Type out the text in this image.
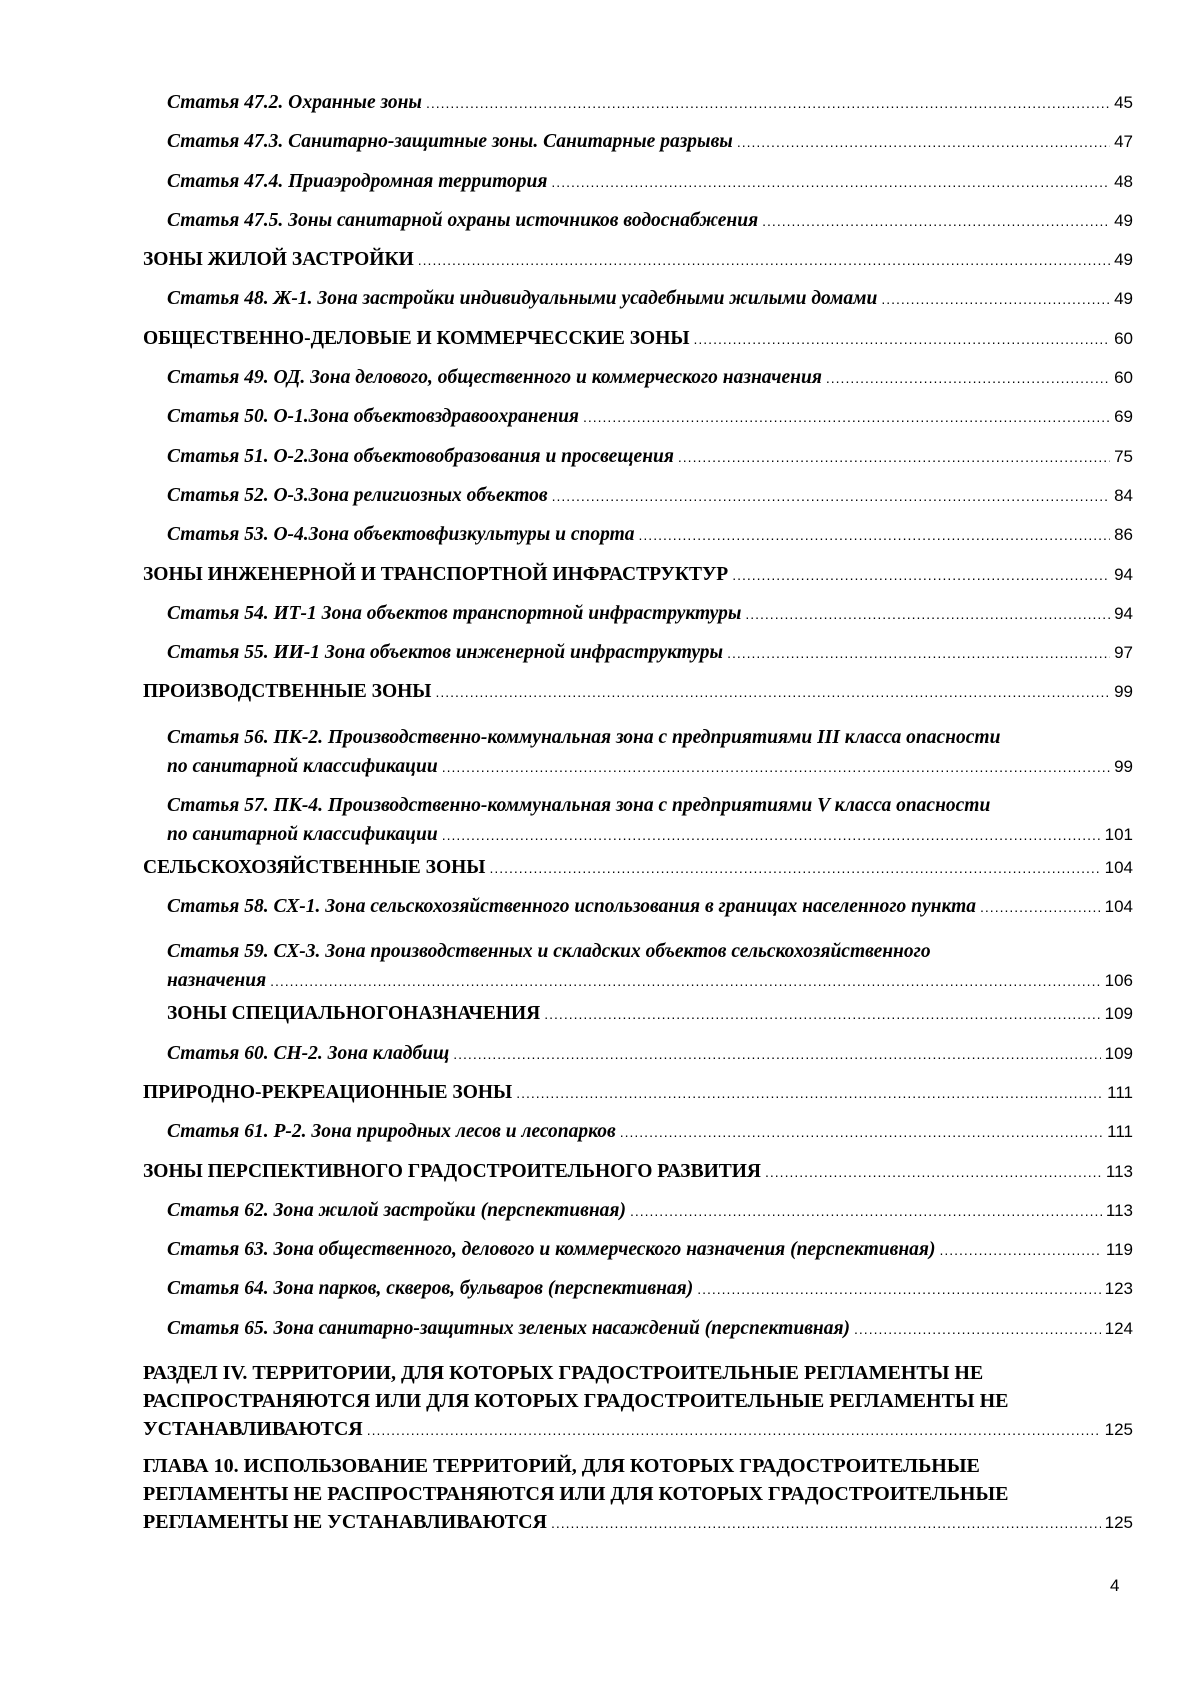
Статья 47.2. Охранные зоны .....	45
Статья 47.3. Санитарно-защитные зоны. Санитарные разрывы .....	47
Статья 47.4. Приаэродромная территория .....	48
Статья 47.5. Зоны санитарной охраны источников водоснабжения .....	49
ЗОНЫ ЖИЛОЙ ЗАСТРОЙКИ .....	49
Статья 48. Ж-1. Зона застройки индивидуальными усадебными жилыми домами .....	49
ОБЩЕСТВЕННО-ДЕЛОВЫЕ И КОММЕРЧЕССКИЕ ЗОНЫ .....	60
Статья 49. ОД. Зона делового, общественного и коммерческого назначения .....	60
Статья 50. О-1.Зона объектовздравоохранения .....	69
Статья 51. О-2.Зона объектовобразования и просвещения .....	75
Статья 52. О-3.Зона религиозных объектов .....	84
Статья 53. О-4.Зона объектовфизкультуры и спорта .....	86
ЗОНЫ ИНЖЕНЕРНОЙ И ТРАНСПОРТНОЙ ИНФРАСТРУКТУР .....	94
Статья 54. ИТ-1 Зона объектов транспортной инфраструктуры .....	94
Статья 55. ИИ-1 Зона объектов инженерной инфраструктуры .....	97
ПРОИЗВОДСТВЕННЫЕ ЗОНЫ .....	99
Статья 56. ПК-2. Производственно-коммунальная зона с предприятиями III класса опасности
по санитарной классификации .....	99
Статья 57. ПК-4. Производственно-коммунальная зона с предприятиями V класса опасности
по санитарной классификации .....	101
СЕЛЬСКОХОЗЯЙСТВЕННЫЕ ЗОНЫ .....	104
Статья 58. СХ-1. Зона сельскохозяйственного использования в границах населенного пункта .....	104
Статья 59. СХ-3. Зона производственных и складских объектов сельскохозяйственного
назначения .....	106
ЗОНЫ СПЕЦИАЛЬНОГОНАЗНАЧЕНИЯ .....	109
Статья 60. СН-2. Зона кладбищ .....	109
ПРИРОДНО-РЕКРЕАЦИОННЫЕ ЗОНЫ .....	111
Статья 61. Р-2. Зона природных лесов и лесопарков .....	111
ЗОНЫ ПЕРСПЕКТИВНОГО ГРАДОСТРОИТЕЛЬНОГО РАЗВИТИЯ .....	113
Статья 62. Зона жилой застройки (перспективная) .....	113
Статья 63. Зона общественного, делового и коммерческого назначения (перспективная) .....	119
Статья 64. Зона парков, скверов, бульваров (перспективная) .....	123
Статья 65. Зона санитарно-защитных зеленых насаждений (перспективная) .....	124
РАЗДЕЛ IV. ТЕРРИТОРИИ, ДЛЯ КОТОРЫХ ГРАДОСТРОИТЕЛЬНЫЕ РЕГЛАМЕНТЫ НЕ
РАСПРОСТРАНЯЮТСЯ ИЛИ ДЛЯ КОТОРЫХ ГРАДОСТРОИТЕЛЬНЫЕ РЕГЛАМЕНТЫ НЕ
УСТАНАВЛИВАЮТСЯ .....	125
ГЛАВА 10. ИСПОЛЬЗОВАНИЕ ТЕРРИТОРИЙ, ДЛЯ КОТОРЫХ ГРАДОСТРОИТЕЛЬНЫЕ
РЕГЛАМЕНТЫ НЕ РАСПРОСТРАНЯЮТСЯ ИЛИ ДЛЯ КОТОРЫХ ГРАДОСТРОИТЕЛЬНЫЕ
РЕГЛАМЕНТЫ НЕ УСТАНАВЛИВАЮТСЯ .....	125
4
